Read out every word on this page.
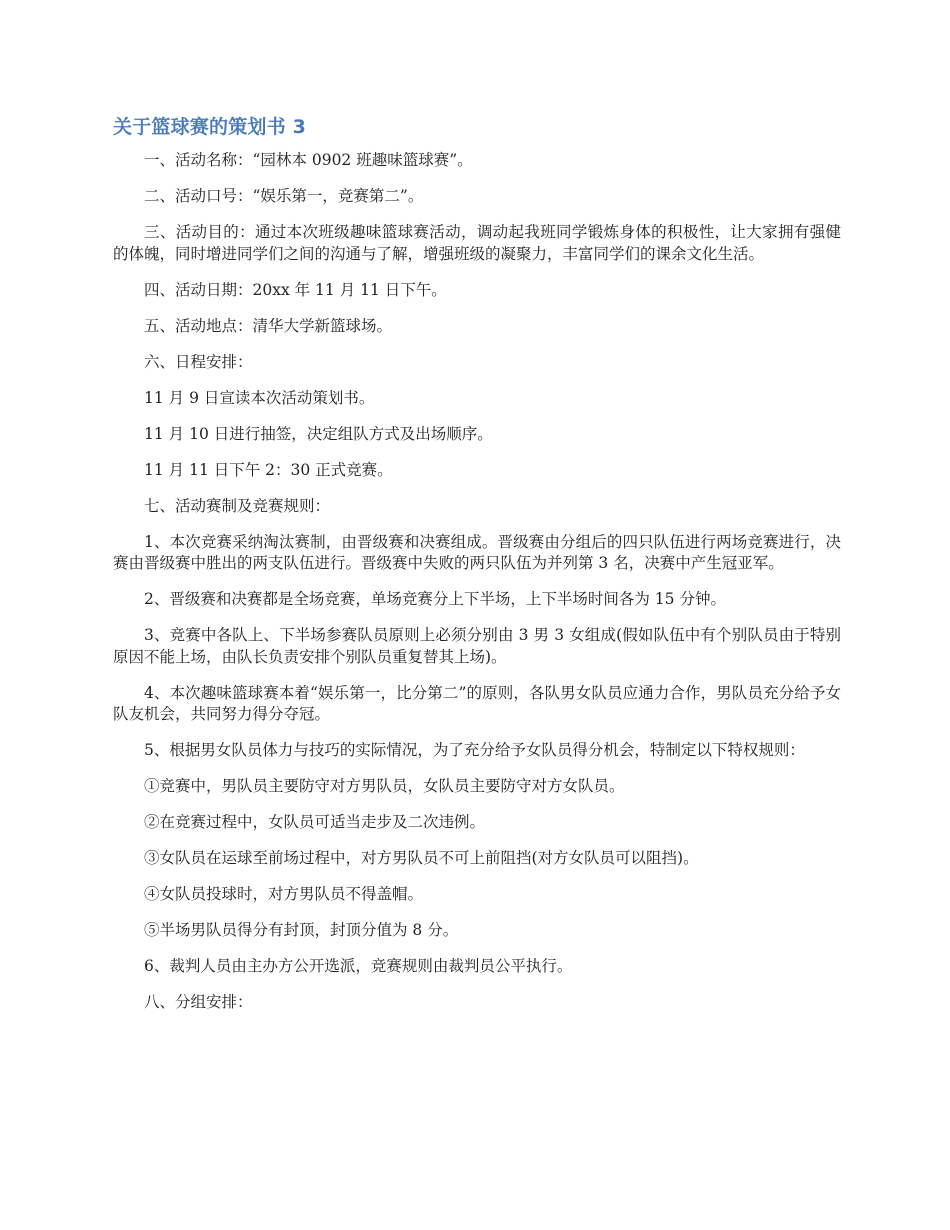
关于篮球赛的策划书 3

一、活动名称：“园林本 0902 班趣味篮球赛”。

二、活动口号：“娱乐第一，竞赛第二”。

三、活动目的：通过本次班级趣味篮球赛活动，调动起我班同学锻炼身体的积极性，让大家拥有强健的体魄，同时增进同学们之间的沟通与了解，增强班级的凝聚力，丰富同学们的课余文化生活。

四、活动日期：20xx 年 11 月 11 日下午。

五、活动地点：清华大学新篮球场。

六、日程安排：

11 月 9 日宣读本次活动策划书。

11 月 10 日进行抽签，决定组队方式及出场顺序。

11 月 11 日下午 2：30 正式竞赛。

七、活动赛制及竞赛规则：

1、本次竞赛采纳淘汰赛制，由晋级赛和决赛组成。晋级赛由分组后的四只队伍进行两场竞赛进行，决赛由晋级赛中胜出的两支队伍进行。晋级赛中失败的两只队伍为并列第 3 名，决赛中产生冠亚军。

2、晋级赛和决赛都是全场竞赛，单场竞赛分上下半场，上下半场时间各为 15 分钟。

3、竞赛中各队上、下半场参赛队员原则上必须分别由 3 男 3 女组成(假如队伍中有个别队员由于特别原因不能上场，由队长负责安排个别队员重复替其上场)。

4、本次趣味篮球赛本着“娱乐第一，比分第二”的原则，各队男女队员应通力合作，男队员充分给予女队友机会，共同努力得分夺冠。

5、根据男女队员体力与技巧的实际情况，为了充分给予女队员得分机会，特制定以下特权规则：

①竞赛中，男队员主要防守对方男队员，女队员主要防守对方女队员。

②在竞赛过程中，女队员可适当走步及二次违例。

③女队员在运球至前场过程中，对方男队员不可上前阻挡(对方女队员可以阻挡)。

④女队员投球时，对方男队员不得盖帽。

⑤半场男队员得分有封顶，封顶分值为 8 分。

6、裁判人员由主办方公开选派，竞赛规则由裁判员公平执行。

八、分组安排：
